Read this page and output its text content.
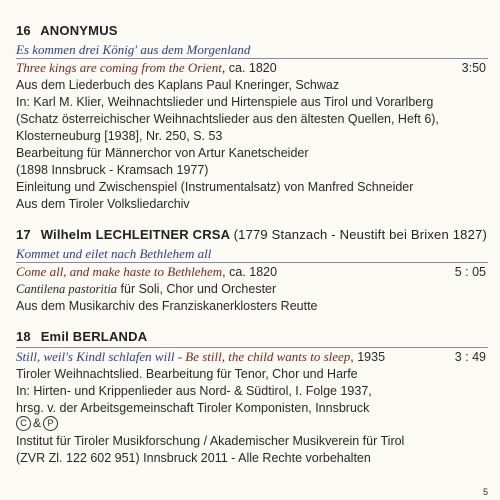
16 ANONYMUS
Es kommen drei König' aus dem Morgenland
Three kings are coming from the Orient, ca. 1820	3:50
Aus dem Liederbuch des Kaplans Paul Kneringer, Schwaz
In: Karl M. Klier, Weihnachtslieder und Hirtenspiele aus Tirol und Vorarlberg
(Schatz österreichischer Weihnachtslieder aus den ältesten Quellen, Heft 6),
Klosterneuburg [1938], Nr. 250, S. 53
Bearbeitung für Männerchor von Artur Kanetscheider
(1898 Innsbruck - Kramsach 1977)
Einleitung und Zwischenspiel (Instrumentalsatz) von Manfred Schneider
Aus dem Tiroler Volksliedarchiv
17 Wilhelm LECHLEITNER CRSA (1779 Stanzach - Neustift bei Brixen 1827)
Kommet und eilet nach Bethlehem all
Come all, and make haste to Bethlehem, ca. 1820	5 : 05
Cantilena pastoritia für Soli, Chor und Orchester
Aus dem Musikarchiv des Franziskanerklosters Reutte
18 Emil BERLANDA
Still, weil's Kindl schlafen will - Be still, the child wants to sleep, 1935	3 : 49
Tiroler Weihnachtslied. Bearbeitung für Tenor, Chor und Harfe
In: Hirten- und Krippenlieder aus Nord- & Südtirol, I. Folge 1937,
hrsg. v. der Arbeitsgemeinschaft Tiroler Komponisten, Innsbruck
C & P
Institut für Tiroler Musikforschung / Akademischer Musikverein für Tirol
(ZVR Zl. 122 602 951) Innsbruck 2011 - Alle Rechte vorbehalten
5
